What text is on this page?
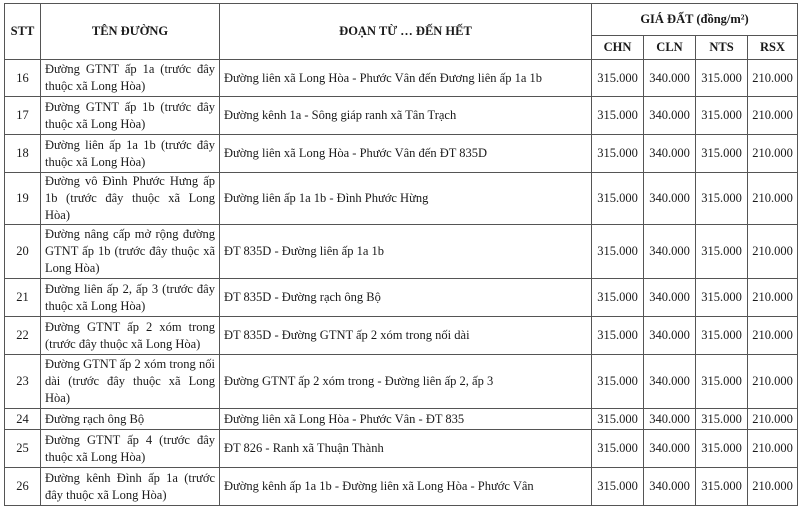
STT	TÊN ĐƯỜNG	ĐOẠN TỪ … ĐẾN HẾT	GIÁ ĐẤT (đồng/m²)			
			CHN	CLN	NTS	RSX
16	Đường GTNT ấp 1a (trước đây thuộc xã Long Hòa)	Đường liên xã Long Hòa - Phước Vân đến Đương liên ấp 1a 1b	315.000	340.000	315.000	210.000
17	Đường GTNT ấp 1b (trước đây thuộc xã Long Hòa)	Đường kênh 1a - Sông giáp ranh xã Tân Trạch	315.000	340.000	315.000	210.000
18	Đường liên ấp 1a 1b (trước đây thuộc xã Long Hòa)	Đường liên xã Long Hòa - Phước Vân đến ĐT 835D	315.000	340.000	315.000	210.000
19	Đường vô Đình Phước Hưng ấp 1b (trước đây thuộc xã Long Hòa)	Đường liên ấp 1a 1b - Đình Phước Hừng	315.000	340.000	315.000	210.000
20	Đường nâng cấp mở rộng đường GTNT ấp 1b (trước đây thuộc xã Long Hòa)	ĐT 835D - Đường liên ấp 1a 1b	315.000	340.000	315.000	210.000
21	Đường liên ấp 2, ấp 3 (trước đây thuộc xã Long Hòa)	ĐT 835D - Đường rạch ông Bộ	315.000	340.000	315.000	210.000
22	Đường GTNT ấp 2 xóm trong (trước đây thuộc xã Long Hòa)	ĐT 835D - Đường GTNT ấp 2 xóm trong nối dài	315.000	340.000	315.000	210.000
23	Đường GTNT ấp 2 xóm trong nối dài (trước đây thuộc xã Long Hòa)	Đường GTNT ấp 2 xóm trong - Đường liên ấp 2, ấp 3	315.000	340.000	315.000	210.000
24	Đường rạch ông Bộ	Đường liên xã Long Hòa - Phước Vân - ĐT 835	315.000	340.000	315.000	210.000
25	Đường GTNT ấp 4 (trước đây thuộc xã Long Hòa)	ĐT 826 - Ranh xã Thuận Thành	315.000	340.000	315.000	210.000
26	Đường kênh Đình ấp 1a (trước đây thuộc xã Long Hòa)	Đường kênh ấp 1a 1b - Đường liên xã Long Hòa - Phước Vân	315.000	340.000	315.000	210.000
